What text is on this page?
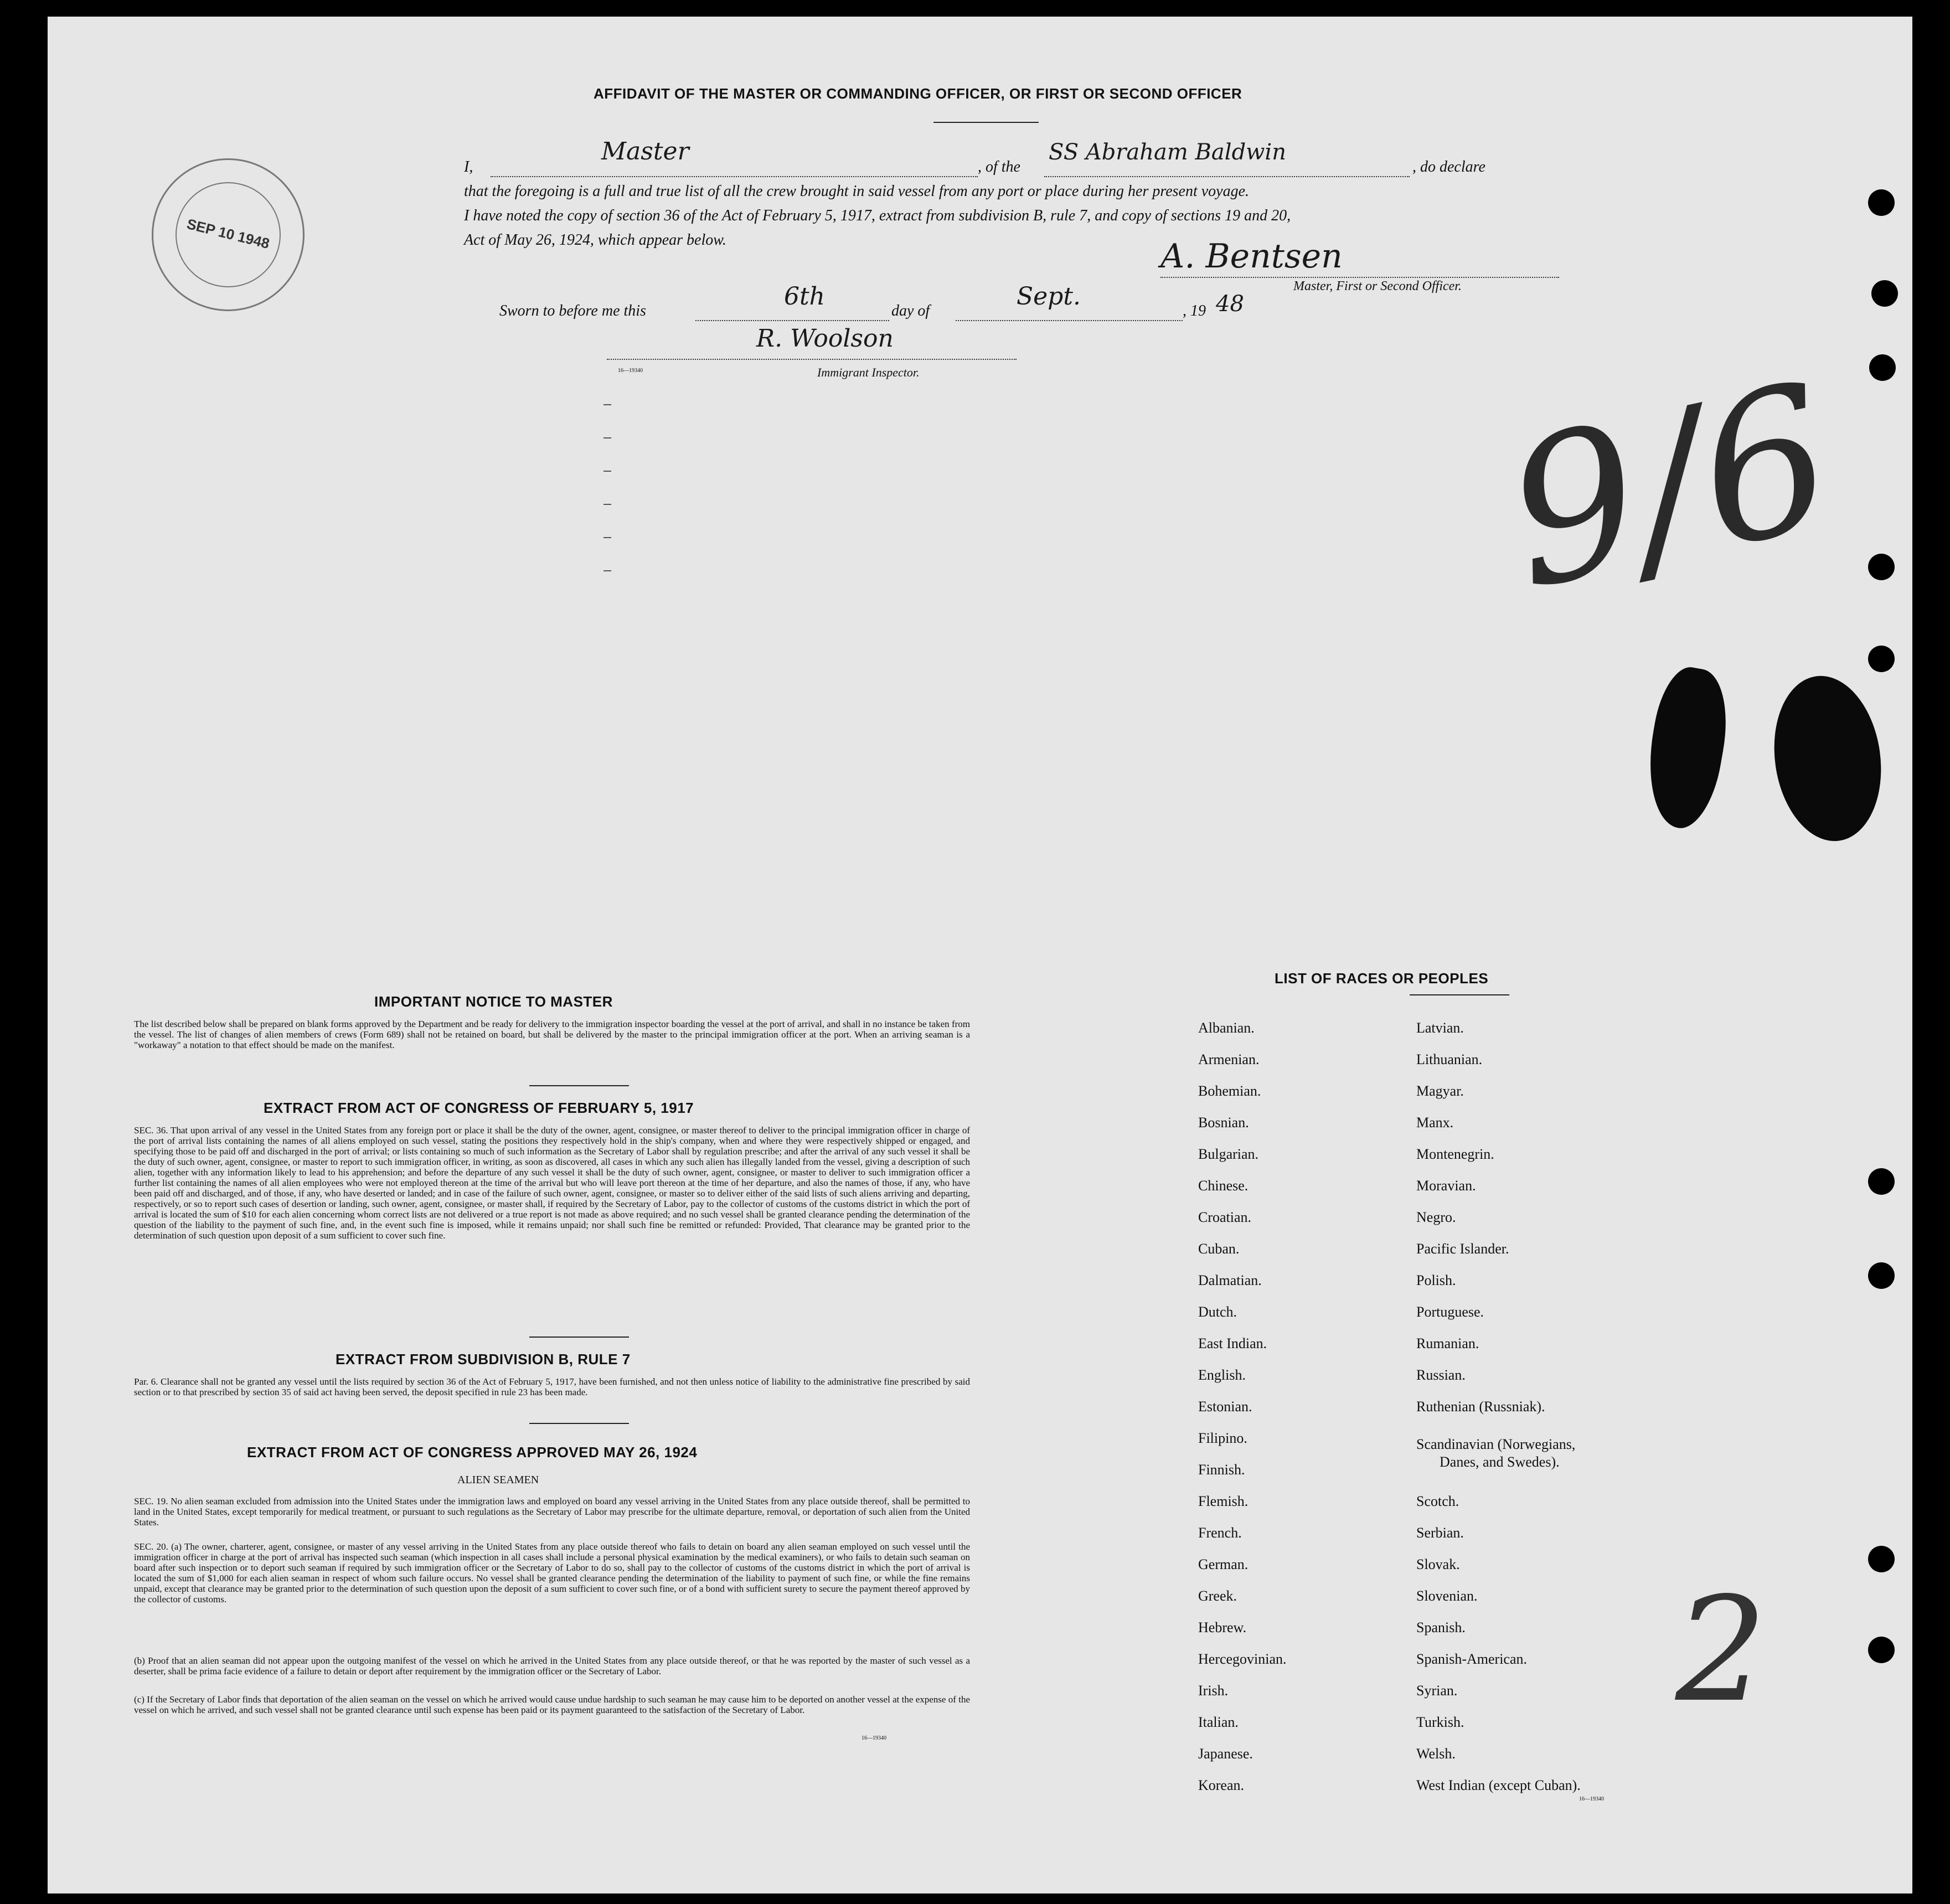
AFFIDAVIT OF THE MASTER OR COMMANDING OFFICER, OR FIRST OR SECOND OFFICER
I,
Master
, of the
SS Abraham Baldwin
, do declare
that the foregoing is a full and true list of all the crew brought in said vessel from any port or place during her present voyage.
I have noted the copy of section 36 of the Act of February 5, 1917, extract from subdivision B, rule 7, and copy of sections 19 and 20,
Act of May 26, 1924, which appear below.	A. Bentsen
Master, First or Second Officer.
Sworn to before me this
6th
day of
Sept.
, 19 48
R. Woolson
16—19340	Immigrant Inspector.
SEP 10 1948
9/6
IMPORTANT NOTICE TO MASTER
The list described below shall be prepared on blank forms approved by the Department and be ready for delivery to the immigration inspector boarding the vessel at the port of arrival, and shall in no instance be taken from the vessel. The list of changes of alien members of crews (Form 689) shall not be retained on board, but shall be delivered by the master to the principal immigration officer at the port. When an arriving seaman is a "workaway" a notation to that effect should be made on the manifest.
EXTRACT FROM ACT OF CONGRESS OF FEBRUARY 5, 1917
SEC. 36. That upon arrival of any vessel in the United States from any foreign port or place it shall be the duty of the owner, agent, consignee, or master thereof to deliver to the principal immigration officer in charge of the port of arrival lists containing the names of all aliens employed on such vessel, stating the positions they respectively hold in the ship's company, when and where they were respectively shipped or engaged, and specifying those to be paid off and discharged in the port of arrival; or lists containing so much of such information as the Secretary of Labor shall by regulation prescribe; and after the arrival of any such vessel it shall be the duty of such owner, agent, consignee, or master to report to such immigration officer, in writing, as soon as discovered, all cases in which any such alien has illegally landed from the vessel, giving a description of such alien, together with any information likely to lead to his apprehension; and before the departure of any such vessel it shall be the duty of such owner, agent, consignee, or master to deliver to such immigration officer a further list containing the names of all alien employees who were not employed thereon at the time of the arrival but who will leave port thereon at the time of her departure, and also the names of those, if any, who have been paid off and discharged, and of those, if any, who have deserted or landed; and in case of the failure of such owner, agent, consignee, or master so to deliver either of the said lists of such aliens arriving and departing, respectively, or so to report such cases of desertion or landing, such owner, agent, consignee, or master shall, if required by the Secretary of Labor, pay to the collector of customs of the customs district in which the port of arrival is located the sum of $10 for each alien concerning whom correct lists are not delivered or a true report is not made as above required; and no such vessel shall be granted clearance pending the determination of the question of the liability to the payment of such fine, and, in the event such fine is imposed, while it remains unpaid; nor shall such fine be remitted or refunded: Provided, That clearance may be granted prior to the determination of such question upon deposit of a sum sufficient to cover such fine.
EXTRACT FROM SUBDIVISION B, RULE 7
Par. 6. Clearance shall not be granted any vessel until the lists required by section 36 of the Act of February 5, 1917, have been furnished, and not then unless notice of liability to the administrative fine prescribed by said section or to that prescribed by section 35 of said act having been served, the deposit specified in rule 23 has been made.
EXTRACT FROM ACT OF CONGRESS APPROVED MAY 26, 1924
ALIEN SEAMEN
SEC. 19. No alien seaman excluded from admission into the United States under the immigration laws and employed on board any vessel arriving in the United States from any place outside thereof, shall be permitted to land in the United States, except temporarily for medical treatment, or pursuant to such regulations as the Secretary of Labor may prescribe for the ultimate departure, removal, or deportation of such alien from the United States.
SEC. 20. (a) The owner, charterer, agent, consignee, or master of any vessel arriving in the United States from any place outside thereof who fails to detain on board any alien seaman employed on such vessel until the immigration officer in charge at the port of arrival has inspected such seaman (which inspection in all cases shall include a personal physical examination by the medical examiners), or who fails to detain such seaman on board after such inspection or to deport such seaman if required by such immigration officer or the Secretary of Labor to do so, shall pay to the collector of customs of the customs district in which the port of arrival is located the sum of $1,000 for each alien seaman in respect of whom such failure occurs. No vessel shall be granted clearance pending the determination of the liability to payment of such fine, or while the fine remains unpaid, except that clearance may be granted prior to the determination of such question upon the deposit of a sum sufficient to cover such fine, or of a bond with sufficient surety to secure the payment thereof approved by the collector of customs.
(b) Proof that an alien seaman did not appear upon the outgoing manifest of the vessel on which he arrived in the United States from any place outside thereof, or that he was reported by the master of such vessel as a deserter, shall be prima facie evidence of a failure to detain or deport after requirement by the immigration officer or the Secretary of Labor.
(c) If the Secretary of Labor finds that deportation of the alien seaman on the vessel on which he arrived would cause undue hardship to such seaman he may cause him to be deported on another vessel at the expense of the vessel on which he arrived, and such vessel shall not be granted clearance until such expense has been paid or its payment guaranteed to the satisfaction of the Secretary of Labor.
16—19340
LIST OF RACES OR PEOPLES
Albanian.
Armenian.
Bohemian.
Bosnian.
Bulgarian.
Chinese.
Croatian.
Cuban.
Dalmatian.
Dutch.
East Indian.
English.
Estonian.
Filipino.
Finnish.
Flemish.
French.
German.
Greek.
Hebrew.
Hercegovinian.
Irish.
Italian.
Japanese.
Korean.
Latvian.
Lithuanian.
Magyar.
Manx.
Montenegrin.
Moravian.
Negro.
Pacific Islander.
Polish.
Portuguese.
Rumanian.
Russian.
Ruthenian (Russniak).
Scandinavian (Norwegians,
Danes, and Swedes).
Scotch.
Serbian.
Slovak.
Slovenian.
Spanish.
Spanish-American.
Syrian.
Turkish.
Welsh.
West Indian (except Cuban).
16—19340
2
